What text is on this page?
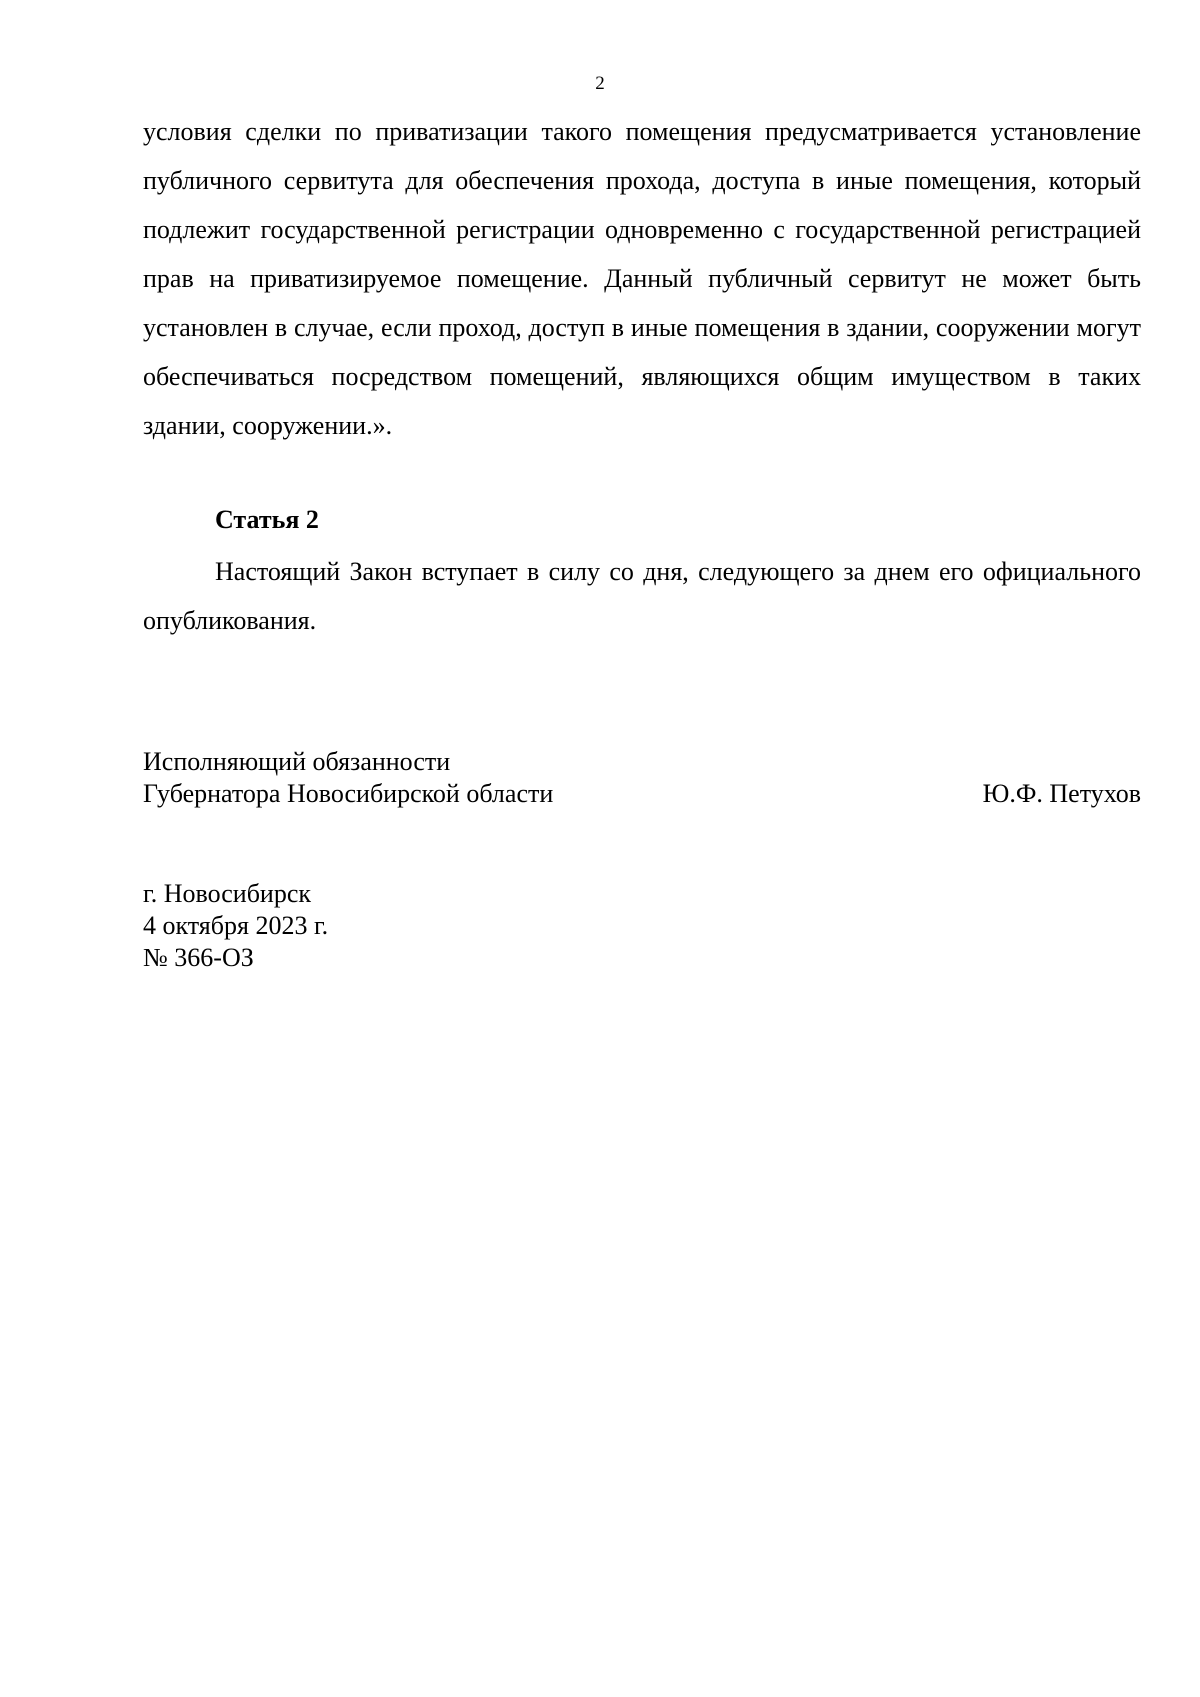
2

условия сделки по приватизации такого помещения предусматривается установление публичного сервитута для обеспечения прохода, доступа в иные помещения, который подлежит государственной регистрации одновременно с государственной регистрацией прав на приватизируемое помещение. Данный публичный сервитут не может быть установлен в случае, если проход, доступ в иные помещения в здании, сооружении могут обеспечиваться посредством помещений, являющихся общим имуществом в таких здании, сооружении.».

Статья 2

Настоящий Закон вступает в силу со дня, следующего за днем его официального опубликования.

Исполняющий обязанности
Губернатора Новосибирской области	Ю.Ф. Петухов
г. Новосибирск
4 октября 2023 г.
№ 366-ОЗ
